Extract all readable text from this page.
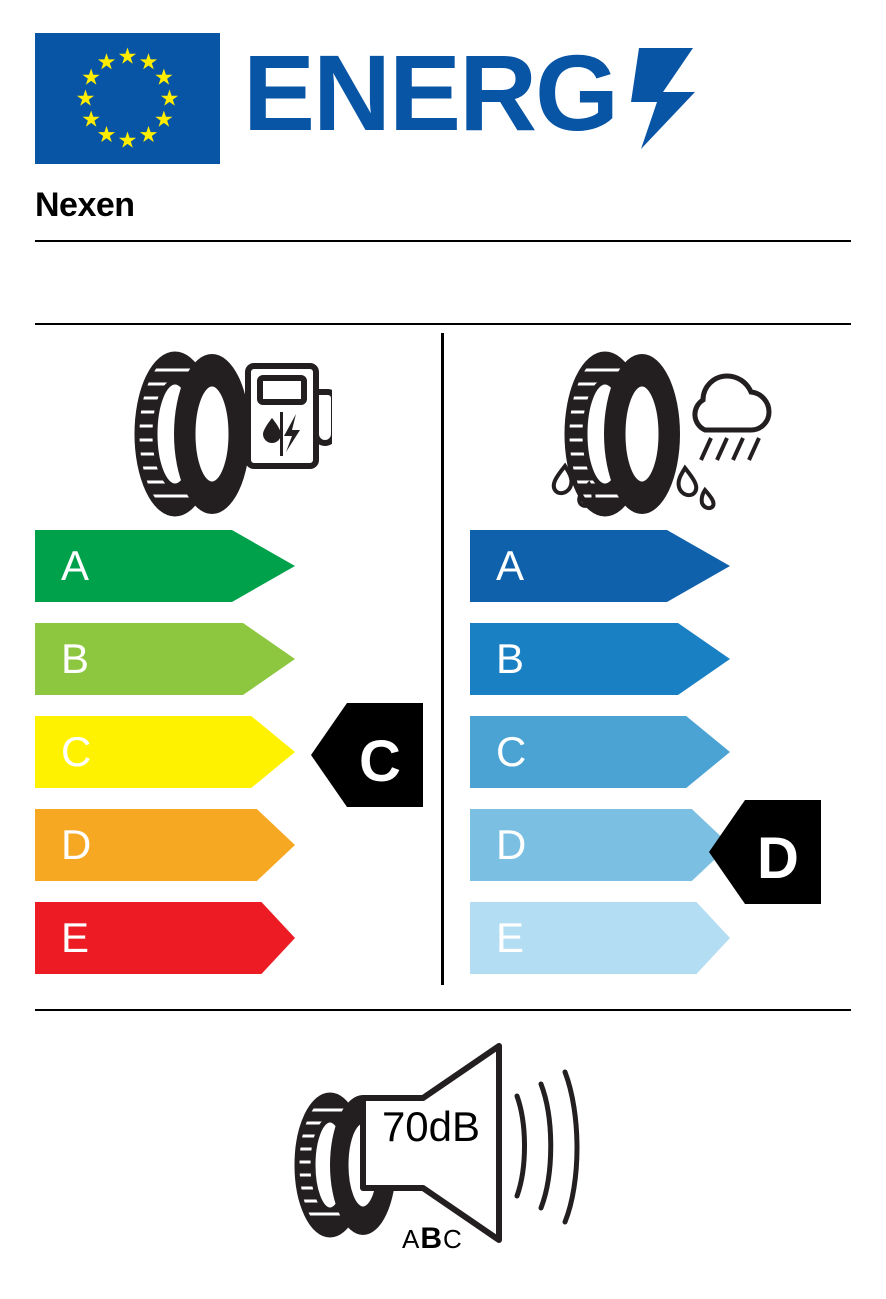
ENERG
Nexen
A
B
C
D
E
A
B
C
D
E
C
D
70dB
ABC
